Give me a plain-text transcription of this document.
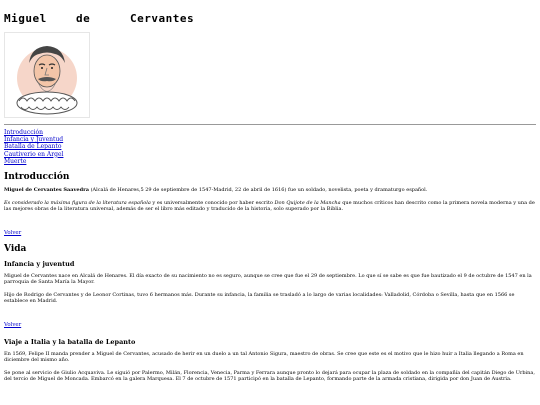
Miguel	de	Cervantes
Introducción
Infancia y Juventud
Batalla de Lepanto
Cautiverio en Argel
Muerte
Introducción

Miguel de Cervantes Saavedra (Alcalá de Henares,5 29 de septiembre de 1547-Madrid, 22 de abril de 1616) fue un soldado, novelista, poeta y dramaturgo español.

Es considerado la máxima figura de la literatura española y es universalmente conocido por haber escrito Don Quijote de la Mancha que muchos críticos han descrito como la primera novela moderna y una de las mejores obras de la literatura universal, además de ser el libro más editado y traducido de la historia, solo superado por la Biblia.

Volver
Vida
Infancia y juventud

Miguel de Cervantes nace en Alcalá de Henares. El día exacto de su nacimiento no es seguro, aunque se cree que fue el 29 de septiembre. Lo que sí se sabe es que fue bautizado el 9 de octubre de 1547 en la parroquia de Santa María la Mayor.

Hijo de Rodrigo de Cervantes y de Leonor Cortinas, tuvo 6 hermanos más. Durante su infancia, la familia se trasladó a lo largo de varias localidades: Valladolid, Córdoba o Sevilla, hasta que en 1566 se establece en Madrid.

Volver
Viaje a Italia y la batalla de Lepanto

En 1569, Felipe II manda prender a Miguel de Cervantes, acusado de herir en un duelo a un tal Antonio Sigura, maestro de obras. Se cree que este es el motivo que le hizo huir a Italia llegando a Roma en diciembre del mismo año.

Se pone al servicio de Giulio Acquaviva. Le siguió por Palermo, Milán, Florencia, Venecia, Parma y Ferrara aunque pronto lo dejará para ocupar la plaza de soldado en la compañía del capitán Diego de Urbina, del tercio de Miguel de Moncada. Embarcó en la galera Marquesa. El 7 de octubre de 1571 participó en la batalla de Lepanto, formando parte de la armada cristiana, dirigida por don Juan de Austria.
